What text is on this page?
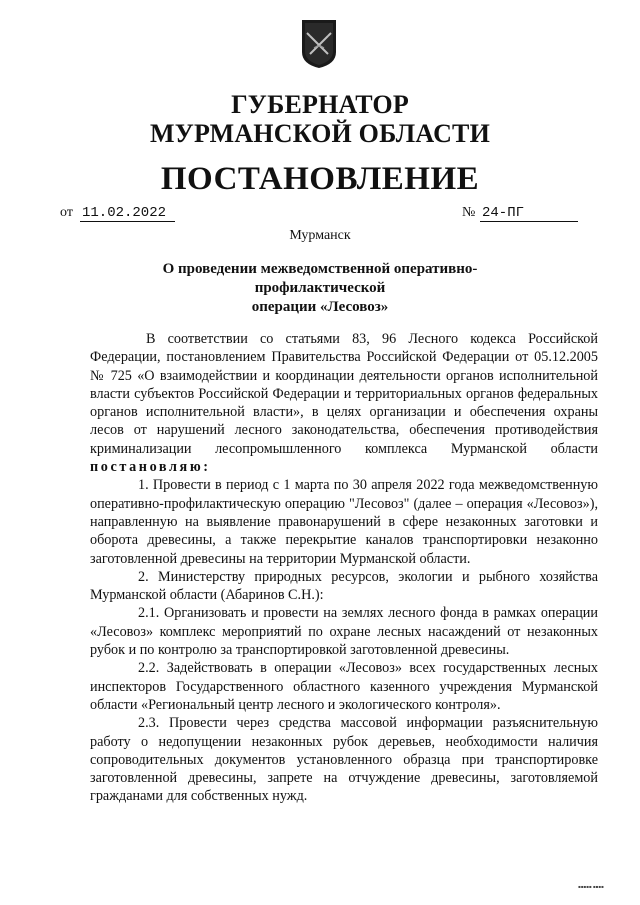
ГУБЕРНАТОР
МУРМАНСКОЙ ОБЛАСТИ
ПОСТАНОВЛЕНИЕ
от 11.02.2022	№ 24-ПГ
Мурманск
О проведении межведомственной оперативно-профилактической
операции «Лесовоз»

В соответствии со статьями 83, 96 Лесного кодекса Российской Федерации, постановлением Правительства Российской Федерации от 05.12.2005 № 725 «О взаимодействии и координации деятельности органов исполнительной власти субъектов Российской Федерации и территориальных органов федеральных органов исполнительной власти», в целях организации и обеспечения охраны лесов от нарушений лесного законодательства, обеспечения противодействия криминализации лесопромышленного комплекса Мурманской области постановляю:

1. Провести в период с 1 марта по 30 апреля 2022 года межведомственную оперативно-профилактическую операцию "Лесовоз" (далее – операция «Лесовоз»), направленную на выявление правонарушений в сфере незаконных заготовки и оборота древесины, а также перекрытие каналов транспортировки незаконно заготовленной древесины на территории Мурманской области.

2. Министерству природных ресурсов, экологии и рыбного хозяйства Мурманской области (Абаринов С.Н.):

2.1. Организовать и провести на землях лесного фонда в рамках операции «Лесовоз» комплекс мероприятий по охране лесных насаждений от незаконных рубок и по контролю за транспортировкой заготовленной древесины.

2.2. Задействовать в операции «Лесовоз» всех государственных лесных инспекторов Государственного областного казенного учреждения Мурманской области «Региональный центр лесного и экологического контроля».

2.3. Провести через средства массовой информации разъяснительную работу о недопущении незаконных рубок деревьев, необходимости наличия сопроводительных документов установленного образца при транспортировке заготовленной древесины, запрете на отчуждение древесины, заготовляемой гражданами для собственных нужд.

▪▪▪▪▪ ▪▪▪▪
